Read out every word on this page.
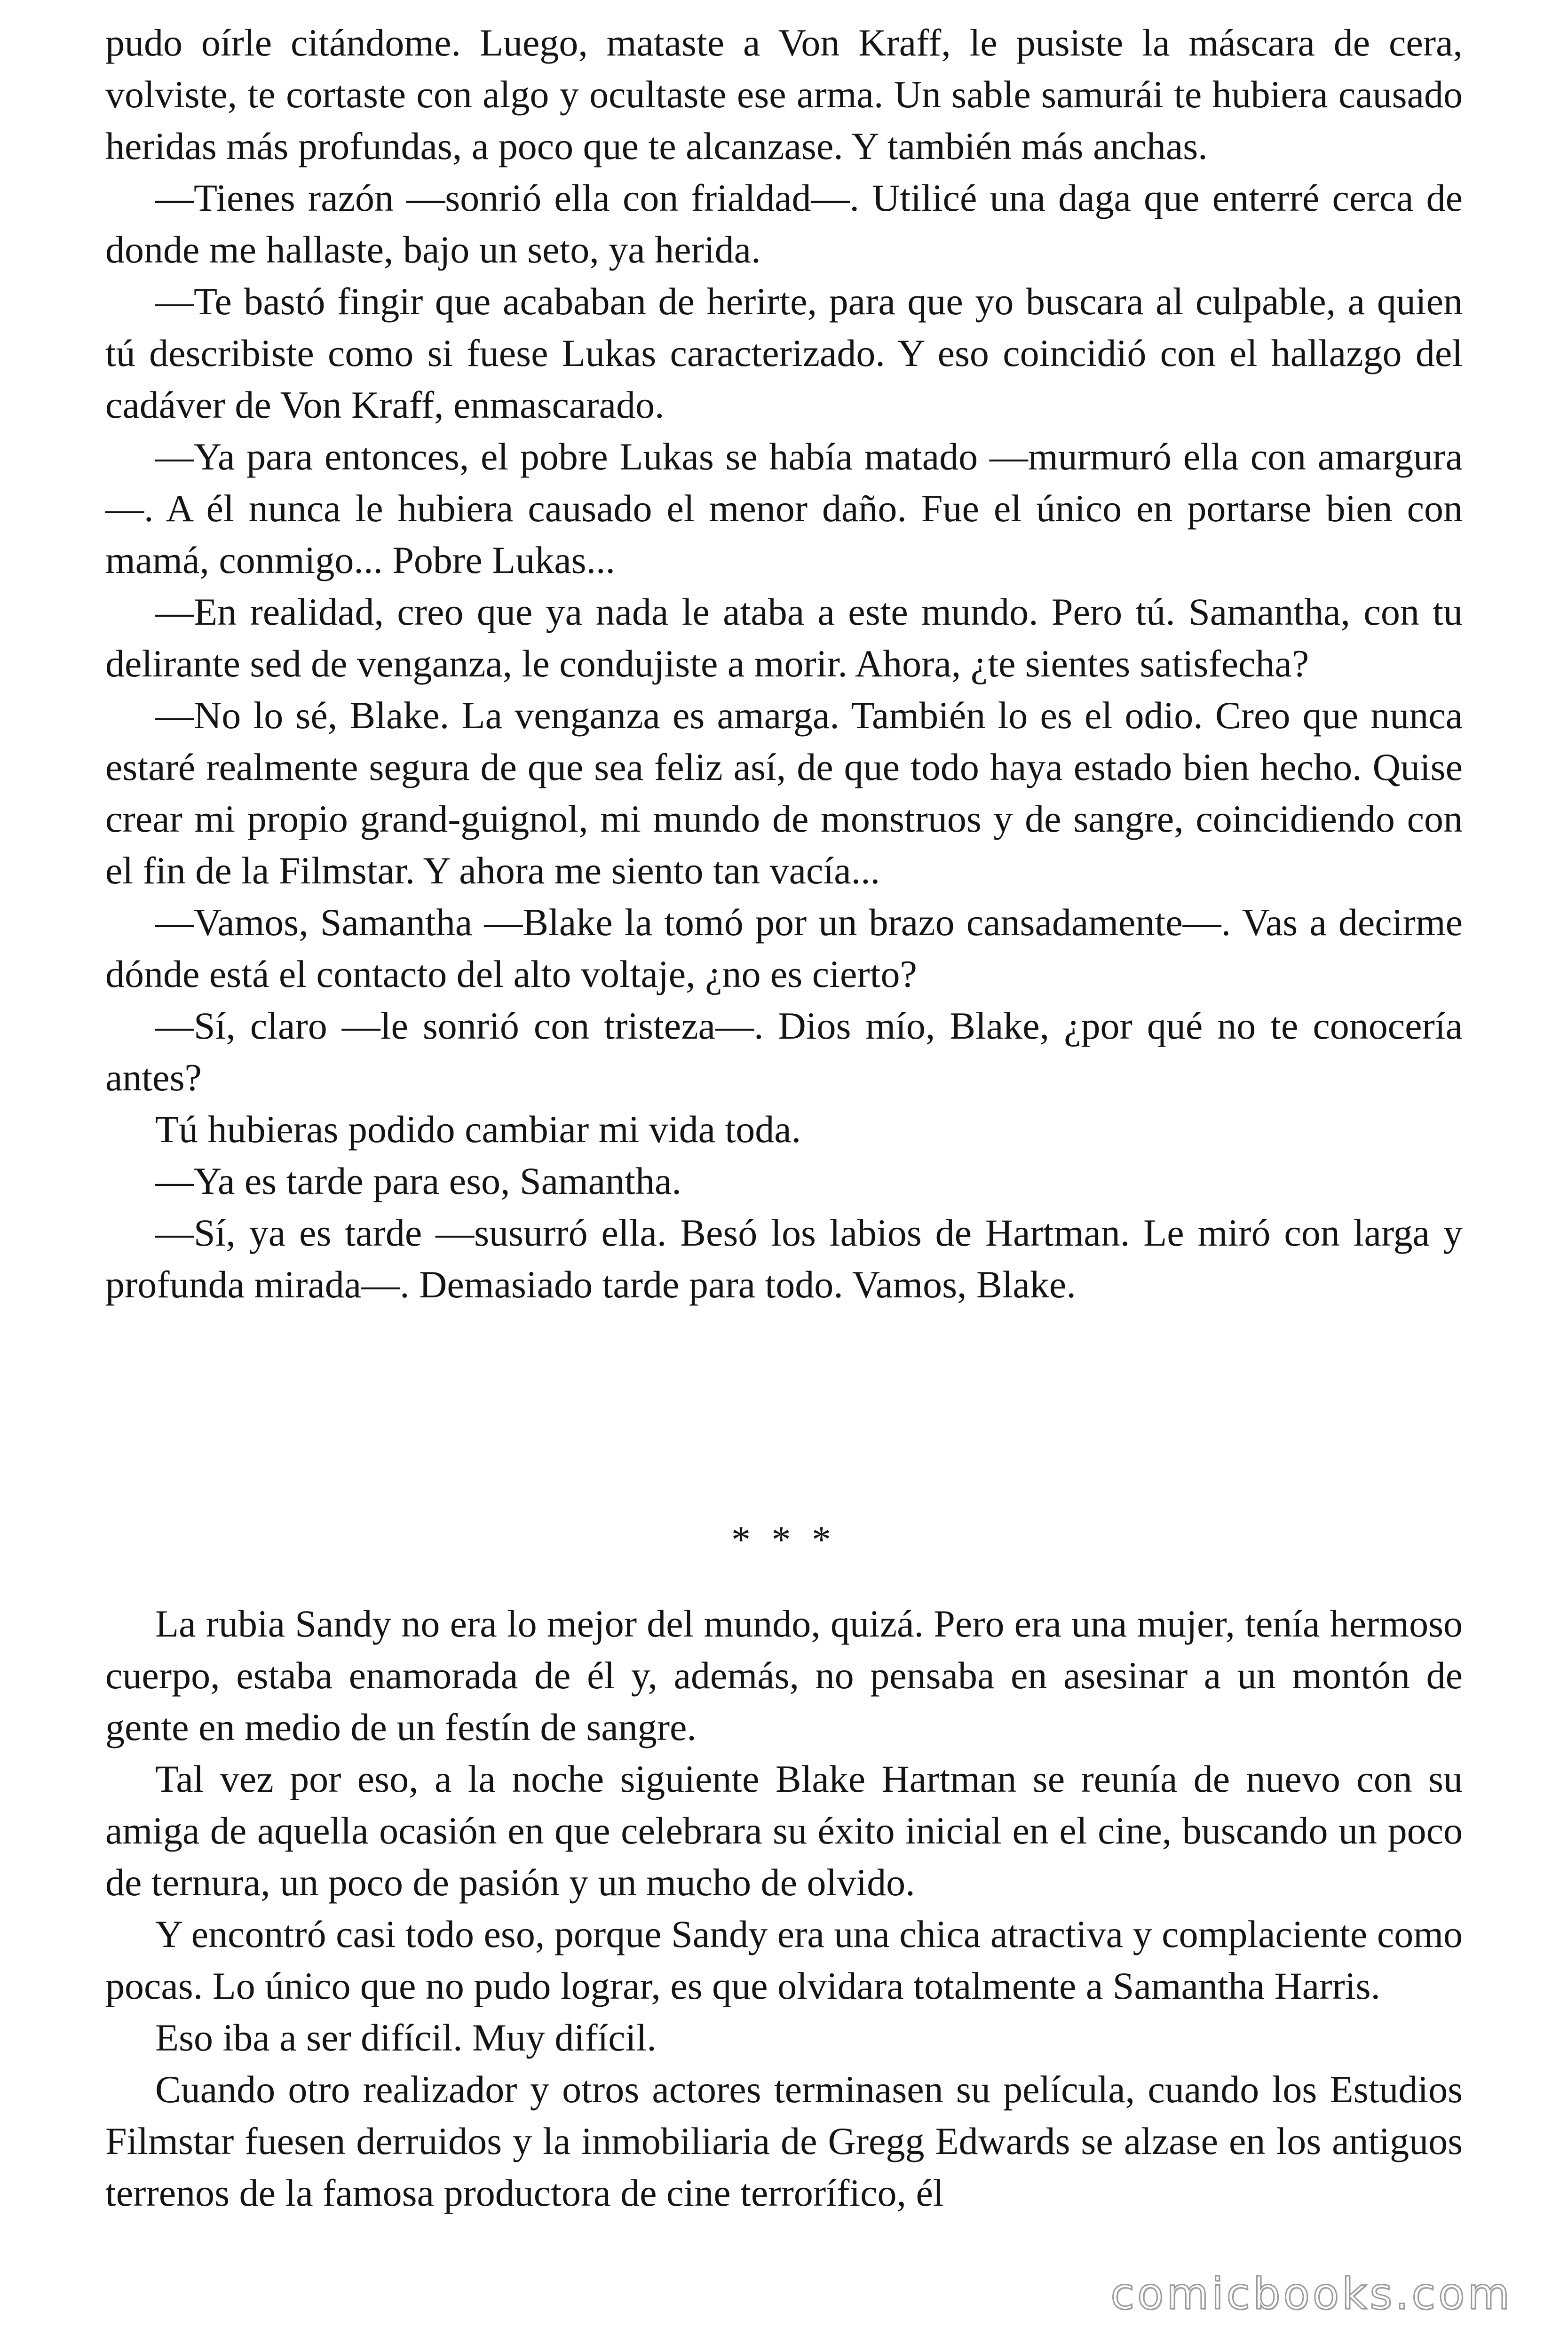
pudo oírle citándome. Luego, mataste a Von Kraff, le pusiste la máscara de cera, volviste, te cortaste con algo y ocultaste ese arma. Un sable samurái te hubiera causado heridas más profundas, a poco que te alcanzase. Y también más anchas.

—Tienes razón —sonrió ella con frialdad—. Utilicé una daga que enterré cerca de donde me hallaste, bajo un seto, ya herida.

—Te bastó fingir que acababan de herirte, para que yo buscara al culpable, a quien tú describiste como si fuese Lukas caracterizado. Y eso coincidió con el hallazgo del cadáver de Von Kraff, enmascarado.

—Ya para entonces, el pobre Lukas se había matado —murmuró ella con amargura—. A él nunca le hubiera causado el menor daño. Fue el único en portarse bien con mamá, conmigo... Pobre Lukas...

—En realidad, creo que ya nada le ataba a este mundo. Pero tú. Samantha, con tu delirante sed de venganza, le condujiste a morir. Ahora, ¿te sientes satisfecha?

—No lo sé, Blake. La venganza es amarga. También lo es el odio. Creo que nunca estaré realmente segura de que sea feliz así, de que todo haya estado bien hecho. Quise crear mi propio grand-guignol, mi mundo de monstruos y de sangre, coincidiendo con el fin de la Filmstar. Y ahora me siento tan vacía...

—Vamos, Samantha —Blake la tomó por un brazo cansadamente—. Vas a decirme dónde está el contacto del alto voltaje, ¿no es cierto?

—Sí, claro —le sonrió con tristeza—. Dios mío, Blake, ¿por qué no te conocería antes?

Tú hubieras podido cambiar mi vida toda.

—Ya es tarde para eso, Samantha.

—Sí, ya es tarde —susurró ella. Besó los labios de Hartman. Le miró con larga y profunda mirada—. Demasiado tarde para todo. Vamos, Blake.

* * *

La rubia Sandy no era lo mejor del mundo, quizá. Pero era una mujer, tenía hermoso cuerpo, estaba enamorada de él y, además, no pensaba en asesinar a un montón de gente en medio de un festín de sangre.

Tal vez por eso, a la noche siguiente Blake Hartman se reunía de nuevo con su amiga de aquella ocasión en que celebrara su éxito inicial en el cine, buscando un poco de ternura, un poco de pasión y un mucho de olvido.

Y encontró casi todo eso, porque Sandy era una chica atractiva y complaciente como pocas. Lo único que no pudo lograr, es que olvidara totalmente a Samantha Harris.

Eso iba a ser difícil. Muy difícil.

Cuando otro realizador y otros actores terminasen su película, cuando los Estudios Filmstar fuesen derruidos y la inmobiliaria de Gregg Edwards se alzase en los antiguos terrenos de la famosa productora de cine terrorífico, él

comicbooks.com
